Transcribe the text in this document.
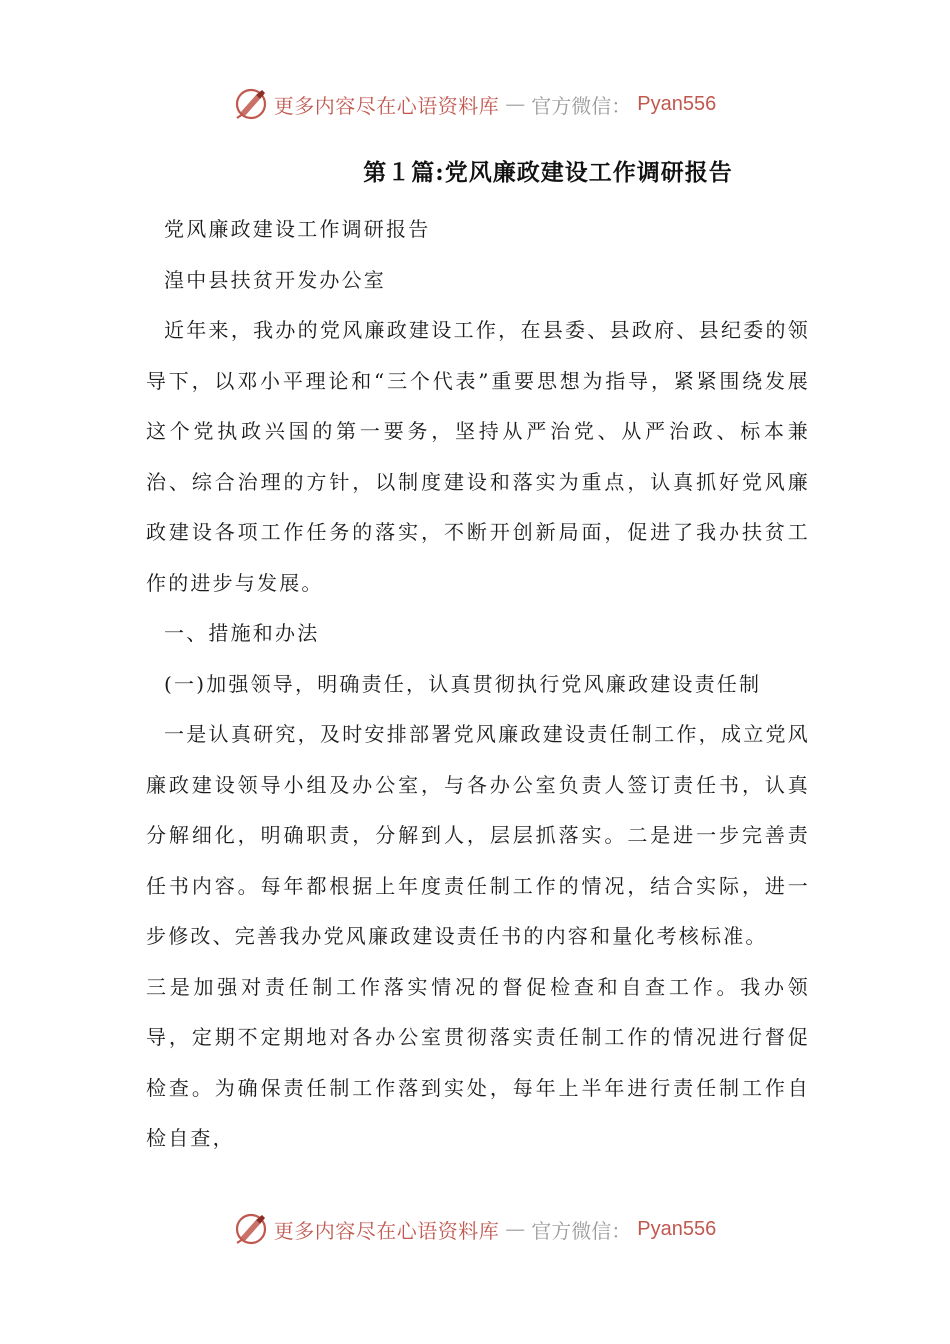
更多内容尽在心语资料库 — 官方微信： Pyan556
第１篇:党风廉政建设工作调研报告

党风廉政建设工作调研报告

湟中县扶贫开发办公室

近年来，我办的党风廉政建设工作，在县委、县政府、县纪委的领导下，以邓小平理论和“三个代表”重要思想为指导，紧紧围绕发展这个党执政兴国的第一要务，坚持从严治党、从严治政、标本兼治、综合治理的方针，以制度建设和落实为重点，认真抓好党风廉政建设各项工作任务的落实，不断开创新局面，促进了我办扶贫工作的进步与发展。

一、措施和办法

(一)加强领导，明确责任，认真贯彻执行党风廉政建设责任制

一是认真研究，及时安排部署党风廉政建设责任制工作，成立党风廉政建设领导小组及办公室，与各办公室负责人签订责任书，认真分解细化，明确职责，分解到人，层层抓落实。二是进一步完善责任书内容。每年都根据上年度责任制工作的情况，结合实际，进一步修改、完善我办党风廉政建设责任书的内容和量化考核标准。

三是加强对责任制工作落实情况的督促检查和自查工作。我办领导，定期不定期地对各办公室贯彻落实责任制工作的情况进行督促检查。为确保责任制工作落到实处，每年上半年进行责任制工作自检自查，

更多内容尽在心语资料库 — 官方微信： Pyan556
